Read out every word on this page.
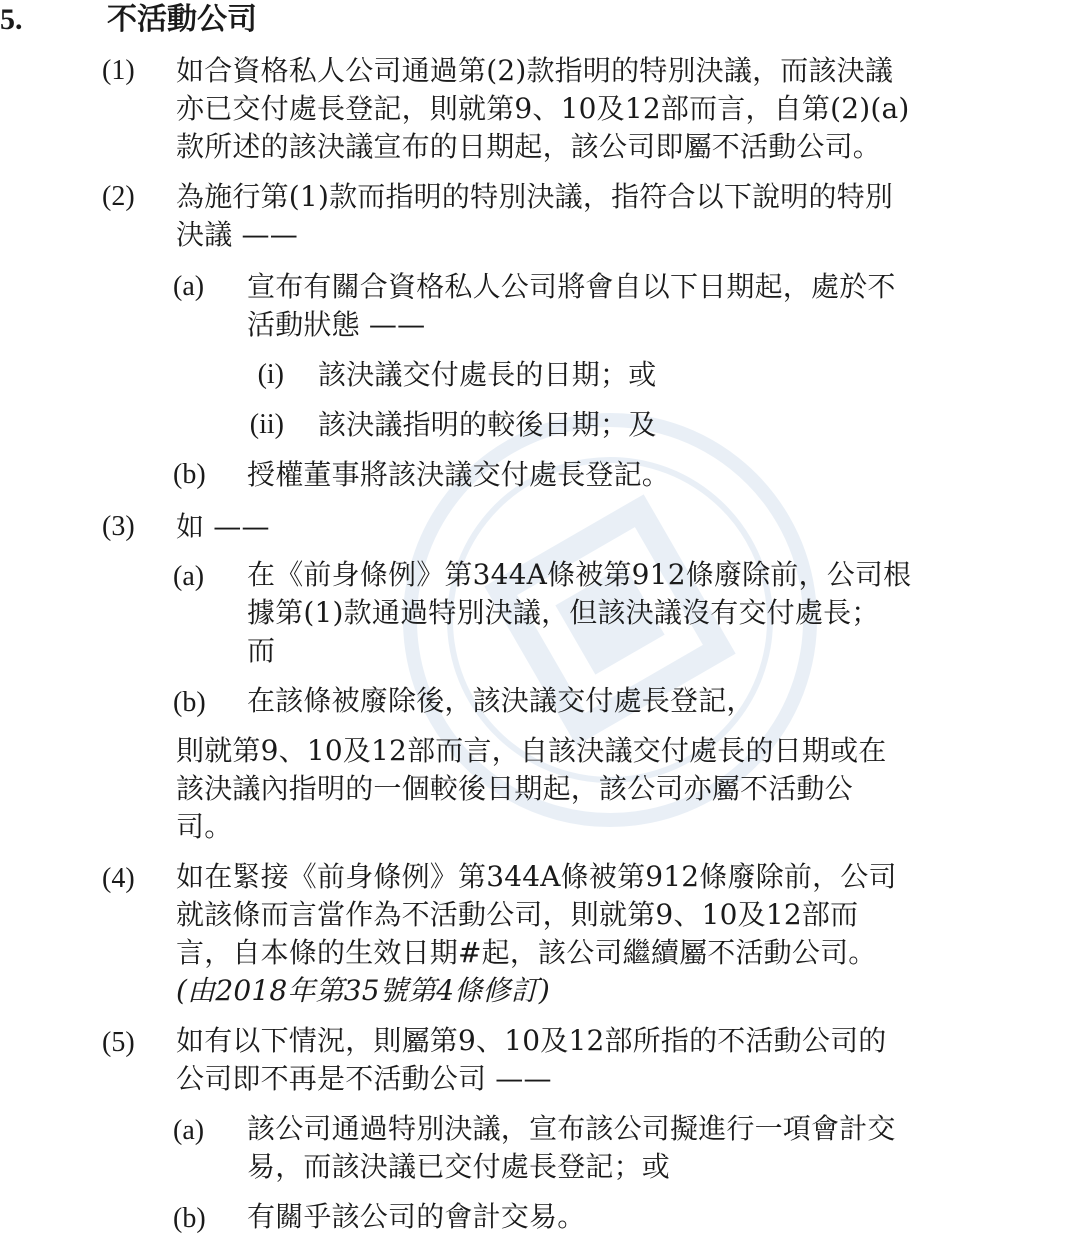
5.	不活動公司
(1) 如合資格私人公司通過第(2)款指明的特別決議，而該決議
亦已交付處長登記，則就第9、10及12部而言，自第(2)(a)
款所述的該決議宣布的日期起，該公司即屬不活動公司。
(2) 為施行第(1)款而指明的特別決議，指符合以下說明的特別
決議 ——
(a) 宣布有關合資格私人公司將會自以下日期起，處於不
活動狀態 ——
(i) 該決議交付處長的日期；或
(ii) 該決議指明的較後日期；及
(b) 授權董事將該決議交付處長登記。
(3) 如 ——
(a) 在《前身條例》第344A條被第912條廢除前，公司根
據第(1)款通過特別決議，但該決議沒有交付處長；
而
(b) 在該條被廢除後，該決議交付處長登記，
則就第9、10及12部而言，自該決議交付處長的日期或在
該決議內指明的一個較後日期起，該公司亦屬不活動公
司。
(4) 如在緊接《前身條例》第344A條被第912條廢除前，公司
就該條而言當作為不活動公司，則就第9、10及12部而
言，自本條的生效日期#起，該公司繼續屬不活動公司。
(由2018年第35號第4條修訂)
(5) 如有以下情況，則屬第9、10及12部所指的不活動公司的
公司即不再是不活動公司 ——
(a) 該公司通過特別決議，宣布該公司擬進行一項會計交
易，而該決議已交付處長登記；或
(b) 有關乎該公司的會計交易。
